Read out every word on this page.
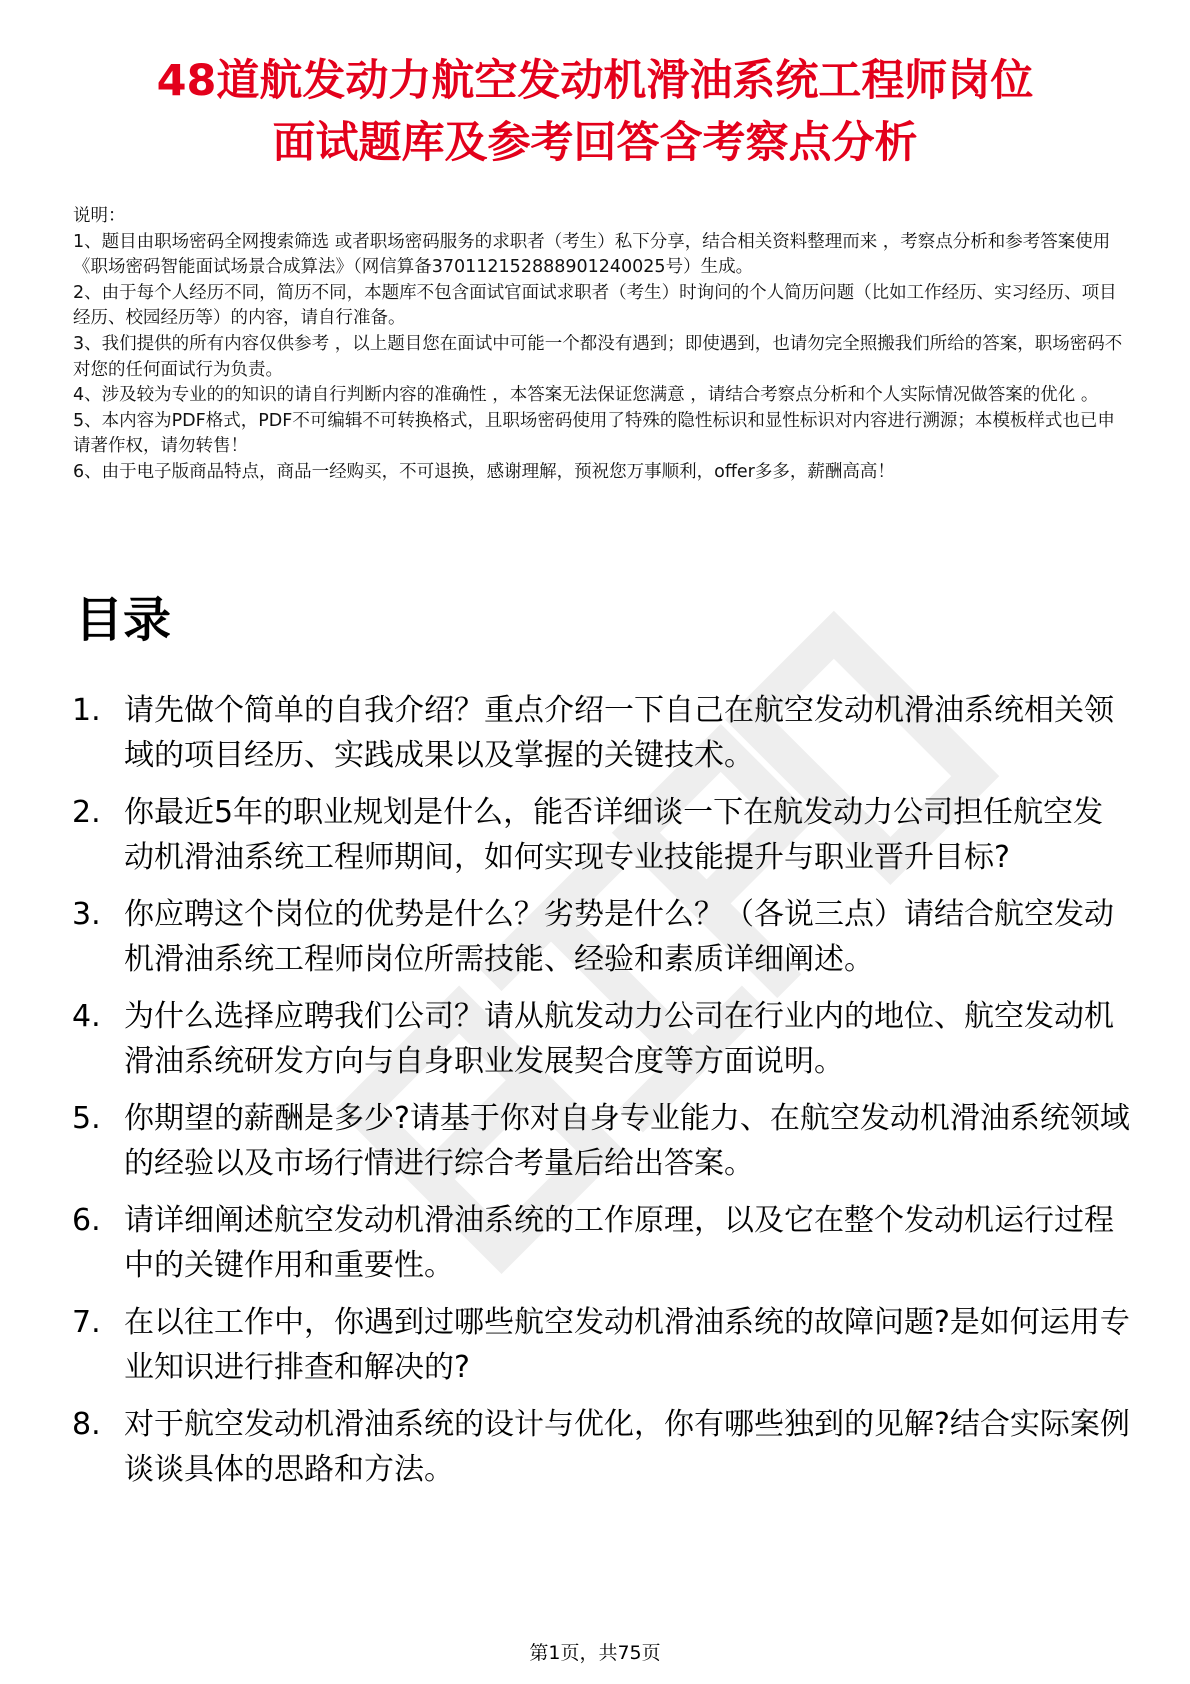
48道航发动力航空发动机滑油系统工程师岗位
面试题库及参考回答含考察点分析

说明：

1、题目由职场密码全网搜索筛选 或者职场密码服务的求职者（考生）私下分享，结合相关资料整理而来 ，考察点分析和参考答案使用《职场密码智能面试场景合成算法》（网信算备370112152888901240025号）生成。

2、由于每个人经历不同，简历不同，本题库不包含面试官面试求职者（考生）时询问的个人简历问题（比如工作经历、实习经历、项目经历、校园经历等）的内容，请自行准备。

3、我们提供的所有内容仅供参考 ，以上题目您在面试中可能一个都没有遇到；即使遇到，也请勿完全照搬我们所给的答案，职场密码不对您的任何面试行为负责。

4、涉及较为专业的的知识的请自行判断内容的准确性 ，本答案无法保证您满意 ，请结合考察点分析和个人实际情况做答案的优化 。

5、本内容为PDF格式，PDF不可编辑不可转换格式，且职场密码使用了特殊的隐性标识和显性标识对内容进行溯源；本模板样式也已申请著作权，请勿转售！

6、由于电子版商品特点，商品一经购买，不可退换，感谢理解，预祝您万事顺利，offer多多，薪酬高高！

目录
1. 请先做个简单的自我介绍？重点介绍一下自己在航空发动机滑油系统相关领域的项目经历、实践成果以及掌握的关键技术。
2. 你最近5年的职业规划是什么，能否详细谈一下在航发动力公司担任航空发动机滑油系统工程师期间，如何实现专业技能提升与职业晋升目标?
3. 你应聘这个岗位的优势是什么？劣势是什么？（各说三点）请结合航空发动机滑油系统工程师岗位所需技能、经验和素质详细阐述。
4. 为什么选择应聘我们公司？请从航发动力公司在行业内的地位、航空发动机滑油系统研发方向与自身职业发展契合度等方面说明。
5. 你期望的薪酬是多少?请基于你对自身专业能力、在航空发动机滑油系统领域的经验以及市场行情进行综合考量后给出答案。
6. 请详细阐述航空发动机滑油系统的工作原理，以及它在整个发动机运行过程中的关键作用和重要性。
7. 在以往工作中，你遇到过哪些航空发动机滑油系统的故障问题?是如何运用专业知识进行排查和解决的?
8. 对于航空发动机滑油系统的设计与优化，你有哪些独到的见解?结合实际案例谈谈具体的思路和方法。
第1页，共75页
